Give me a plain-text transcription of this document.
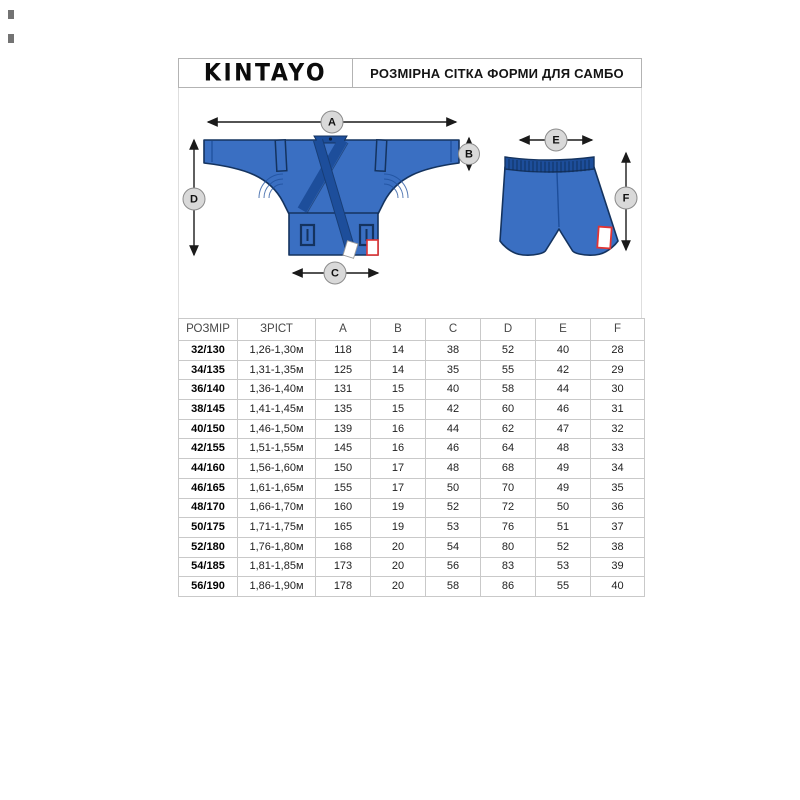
KINTAYO	РОЗМІРНА СІТКА ФОРМИ ДЛЯ САМБО
A
B
D
C
E
F
РОЗМІР	ЗРІСТ	A	B	C	D	E	F
32/130	1,26-1,30м	118	14	38	52	40	28
34/135	1,31-1,35м	125	14	35	55	42	29
36/140	1,36-1,40м	131	15	40	58	44	30
38/145	1,41-1,45м	135	15	42	60	46	31
40/150	1,46-1,50м	139	16	44	62	47	32
42/155	1,51-1,55м	145	16	46	64	48	33
44/160	1,56-1,60м	150	17	48	68	49	34
46/165	1,61-1,65м	155	17	50	70	49	35
48/170	1,66-1,70м	160	19	52	72	50	36
50/175	1,71-1,75м	165	19	53	76	51	37
52/180	1,76-1,80м	168	20	54	80	52	38
54/185	1,81-1,85м	173	20	56	83	53	39
56/190	1,86-1,90м	178	20	58	86	55	40
